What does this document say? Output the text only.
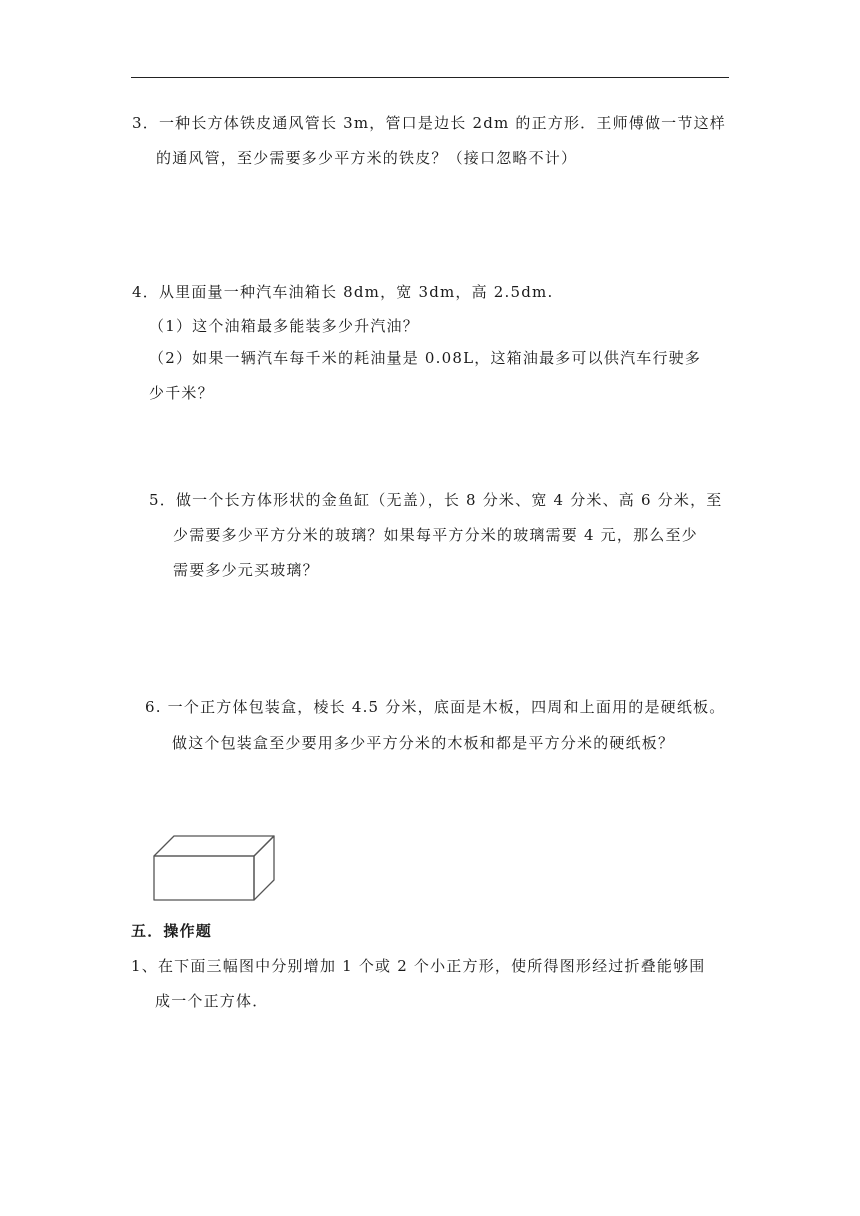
3．一种长方体铁皮通风管长 3m，管口是边长 2dm 的正方形．王师傅做一节这样
的通风管，至少需要多少平方米的铁皮？（接口忽略不计）
4．从里面量一种汽车油箱长 8dm，宽 3dm，高 2.5dm.
（1）这个油箱最多能装多少升汽油？
（2）如果一辆汽车每千米的耗油量是 0.08L，这箱油最多可以供汽车行驶多
少千米？
5．做一个长方体形状的金鱼缸（无盖），长 8 分米、宽 4 分米、高 6 分米，至
少需要多少平方分米的玻璃？如果每平方分米的玻璃需要 4 元，那么至少
需要多少元买玻璃？
6. 一个正方体包装盒，棱长 4.5 分米，底面是木板，四周和上面用的是硬纸板。
做这个包装盒至少要用多少平方分米的木板和都是平方分米的硬纸板？
五．操作题
1、在下面三幅图中分别增加 1 个或 2 个小正方形，使所得图形经过折叠能够围
成一个正方体．
